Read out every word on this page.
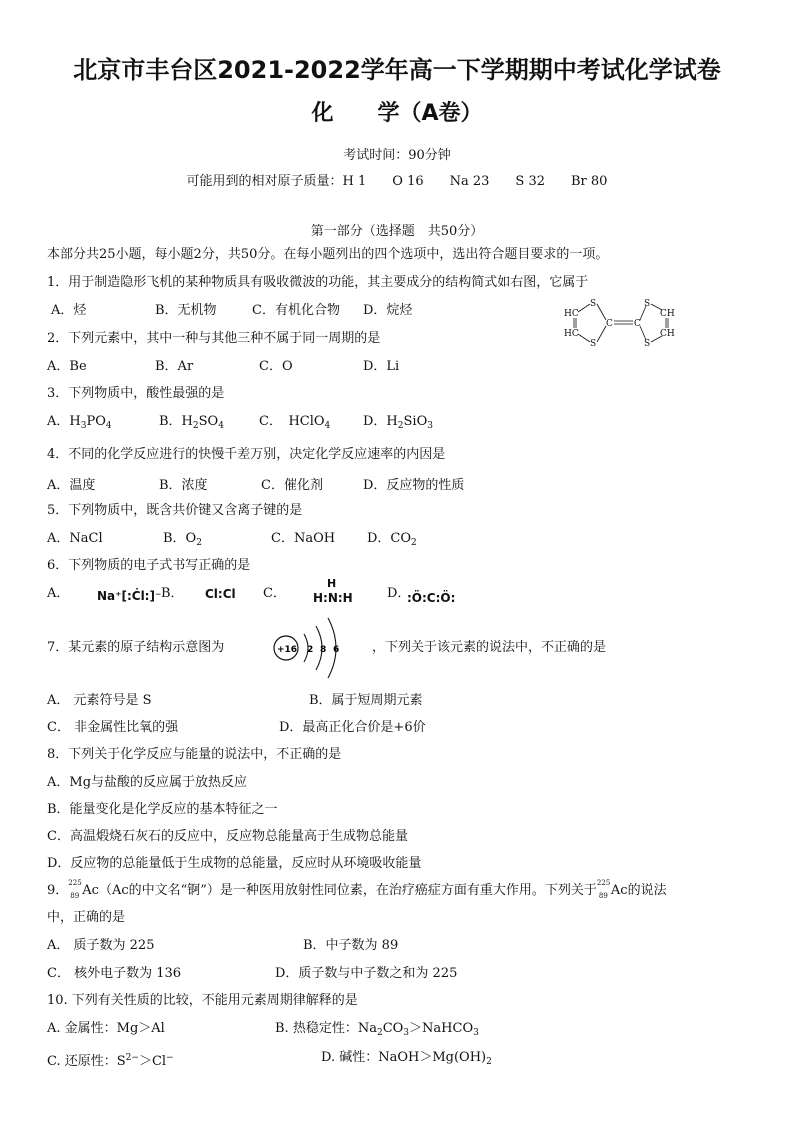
北京市丰台区2021-2022学年高一下学期期中考试化学试卷
化　　学（A卷）
考试时间：90分钟
可能用到的相对原子质量：H 1　　O 16　　Na 23　　S 32　　Br 80
第一部分（选择题　共50分）
本部分共25小题，每小题2分，共50分。在每小题列出的四个选项中，选出符合题目要求的一项。
1．用于制造隐形飞机的某种物质具有吸收微波的功能，其主要成分的结构简式如右图，它属于
A．烃	B．无机物	C．有机化合物 D．烷烃	S
S
S
S
HC
HC
CH
CH
C C
2．下列元素中，其中一种与其他三种不属于同一周期的是
A．Be	B．Ar	C．O	D．Li
3．下列物质中，酸性最强的是
A．$H_3PO_4$	B．$H_2SO_4$	C．　HClO$_4$	D．$H_2SiO_3$
4．不同的化学反应进行的快慢千差万别，决定化学反应速率的内因是
A．温度	B．浓度	C．催化剂	D．反应物的性质
5．下列物质中，既含共价键又含离子键的是
A．NaCl	B．$O_2$	C．NaOH D．$CO_2$
6．下列物质的电子式书写正确的是
A． Na⁺[:Ċl:]⁻ B． Cl:Cl C．
H
H:N:H	D．
:Ö:C:Ö:
7．某元素的原子结构示意图为	+16 2 8 6	，下列关于该元素的说法中，不正确的是
A． 元素符号是 S	B．属于短周期元素
C． 非金属性比氧的强	D．最高正化合价是+6价
8．下列关于化学反应与能量的说法中，不正确的是
A．Mg与盐酸的反应属于放热反应
B．能量变化是化学反应的基本特征之一
C．高温煅烧石灰石的反应中，反应物总能量高于生成物总能量
D．反应物的总能量低于生成物的总能量，反应时从环境吸收能量
9． 225
89 Ac（Ac的中文名“锕”）是一种医用放射性同位素，在治疗癌症方面有重大作用。下列关于 225
89 Ac的说法
中，正确的是
A． 质子数为 225	B．中子数为 89
C． 核外电子数为 136	D．质子数与中子数之和为 225
10. 下列有关性质的比较，不能用元素周期律解释的是
A. 金属性：Mg＞Al	B. 热稳定性：$Na_2CO_3>NaHCO_3$
C. 还原性：$S^{2-}>Cl^-$	D. 碱性：$NaOH>Mg(OH)_2$
